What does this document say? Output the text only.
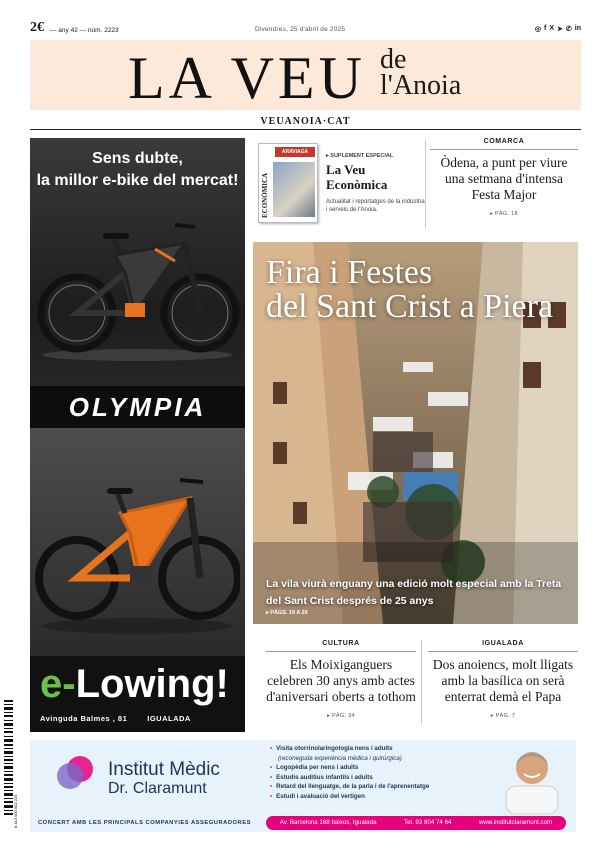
2€ — any 42 — núm. 2223	Divendres, 25 d'abril de 2025	◎ f X ➤ ✆ in
LA VEU de
l'Anoia
VEUANOIA·CAT
Sens dubte,
la millor e-bike del mercat!
OLYMPIA
e-Lowing!
Avinguda Balmes , 81	IGUALADA
ECONÒMICA
ARAVIAGA
▸ SUPLEMENT ESPECIAL
La Veu Econòmica
Actualitat i reportatges de la indústria i serveis de l'Anoia.
COMARCA
Òdena, a punt per viure una setmana d'intensa Festa Major
▸ PÀG. 18
Fira i Festes
del Sant Crist a Piera
La vila viurà enguany una edició molt especial amb la Treta del Sant Crist després de 25 anys
▸ PÀGS. 19 A 26
CULTURA
Els Moixiganguers celebren 30 anys amb actes d'aniversari oberts a tothom
▸ PÀG. 34
IGUALADA
Dos anoiencs, molt lligats amb la basílica on serà enterrat demà el Papa
▸ PÀG. 7
8 413 000 002 223
Institut Mèdic
Dr. Claramunt
• Visita otorrinolaringologia nens i adults
(reconeguda experiència mèdica i quirúrgica)
• Logopèdia per nens i adults
• Estudis auditius infantils i adults
• Retard del llenguatge, de la parla i de l'aprenentatge
• Estudi i avaluació del vertigen
CONCERT AMB LES PRINCIPALS COMPANYIES ASSEGURADORES	Av. Barcelona 168 baixos, Igualada	Tel. 93 804 74 64	www.institutclaramunt.com
